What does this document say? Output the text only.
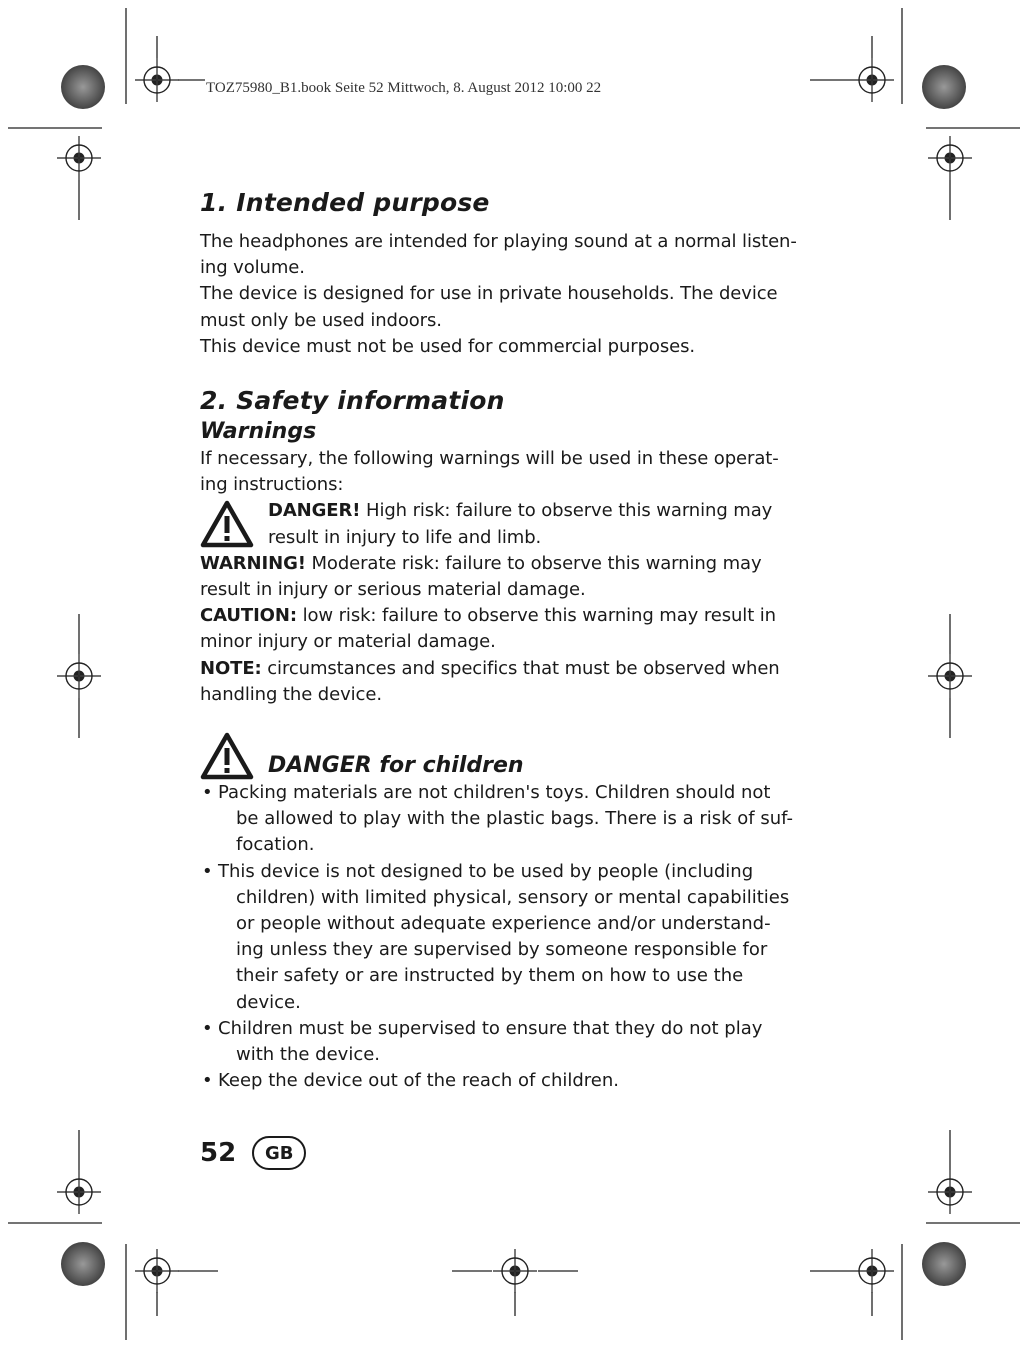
TOZ75980_B1.book Seite 52 Mittwoch, 8. August 2012 10:00 22
1. Intended purpose

The headphones are intended for playing sound at a normal listen-

ing volume.

The device is designed for use in private households. The device

must only be used indoors.

This device must not be used for commercial purposes.

2. Safety information
Warnings

If necessary, the following warnings will be used in these operat-

ing instructions:

DANGER! High risk: failure to observe this warning may

result in injury to life and limb.

WARNING! Moderate risk: failure to observe this warning may

result in injury or serious material damage.

CAUTION: low risk: failure to observe this warning may result in

minor injury or material damage.

NOTE: circumstances and specifics that must be observed when

handling the device.

DANGER for children
• Packing materials are not children's toys. Children should not
be allowed to play with the plastic bags. There is a risk of suf-
focation.
• This device is not designed to be used by people (including
children) with limited physical, sensory or mental capabilities
or people without adequate experience and/or understand-
ing unless they are supervised by someone responsible for
their safety or are instructed by them on how to use the
device.
• Children must be supervised to ensure that they do not play
with the device.
• Keep the device out of the reach of children.
52	GB
